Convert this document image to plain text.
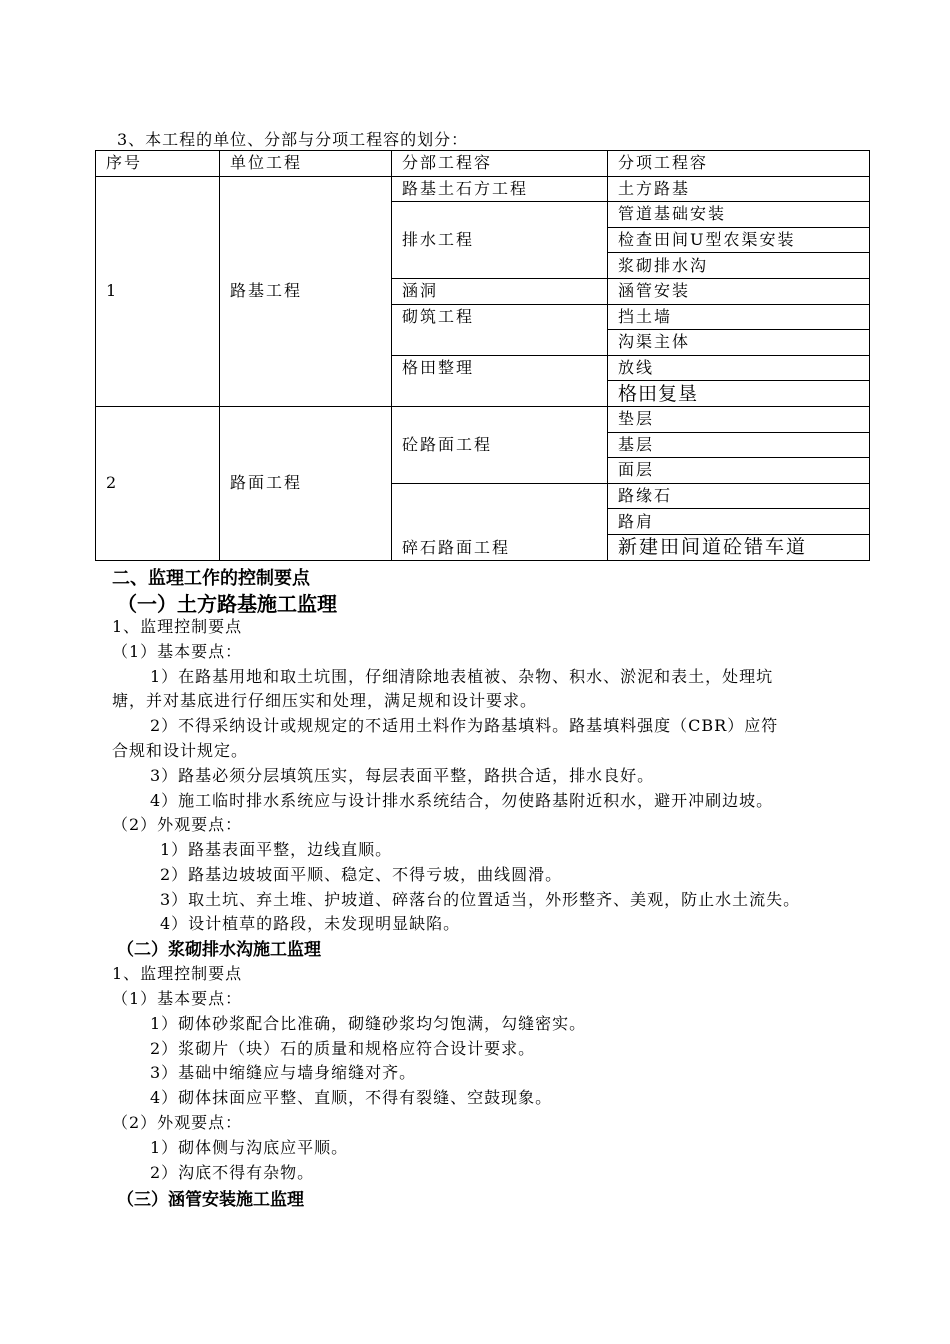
3、本工程的单位、分部与分项工程容的划分：
序号	单位工程	分部工程容	分项工程容
1	路基工程	路基土石方工程	土方路基
		排水工程	管道基础安装
			检查田间U型农渠安装
			浆砌排水沟
		涵洞	涵管安装
		砌筑工程	挡土墙
			沟渠主体
		格田整理	放线
			格田复垦
2	路面工程	砼路面工程	垫层
			基层
			面层
		碎石路面工程	路缘石
			路肩
			新建田间道砼错车道
二、监理工作的控制要点
（一）土方路基施工监理
1、监理控制要点
（1）基本要点：
1）在路基用地和取土坑围，仔细清除地表植被、杂物、积水、淤泥和表土，处理坑
塘，并对基底进行仔细压实和处理，满足规和设计要求。
2）不得采纳设计或规规定的不适用土料作为路基填料。路基填料强度（CBR）应符
合规和设计规定。
3）路基必须分层填筑压实，每层表面平整，路拱合适，排水良好。
4）施工临时排水系统应与设计排水系统结合，勿使路基附近积水，避开冲刷边坡。
（2）外观要点：
1）路基表面平整，边线直顺。
2）路基边坡坡面平顺、稳定、不得亏坡，曲线圆滑。
3）取土坑、弃土堆、护坡道、碎落台的位置适当，外形整齐、美观，防止水土流失。
4）设计植草的路段，未发现明显缺陷。
（二）浆砌排水沟施工监理
1、监理控制要点
（1）基本要点：
1）砌体砂浆配合比准确，砌缝砂浆均匀饱满，勾缝密实。
2）浆砌片（块）石的质量和规格应符合设计要求。
3）基础中缩缝应与墙身缩缝对齐。
4）砌体抹面应平整、直顺，不得有裂缝、空鼓现象。
（2）外观要点：
1）砌体侧与沟底应平顺。
2）沟底不得有杂物。
（三）涵管安装施工监理
